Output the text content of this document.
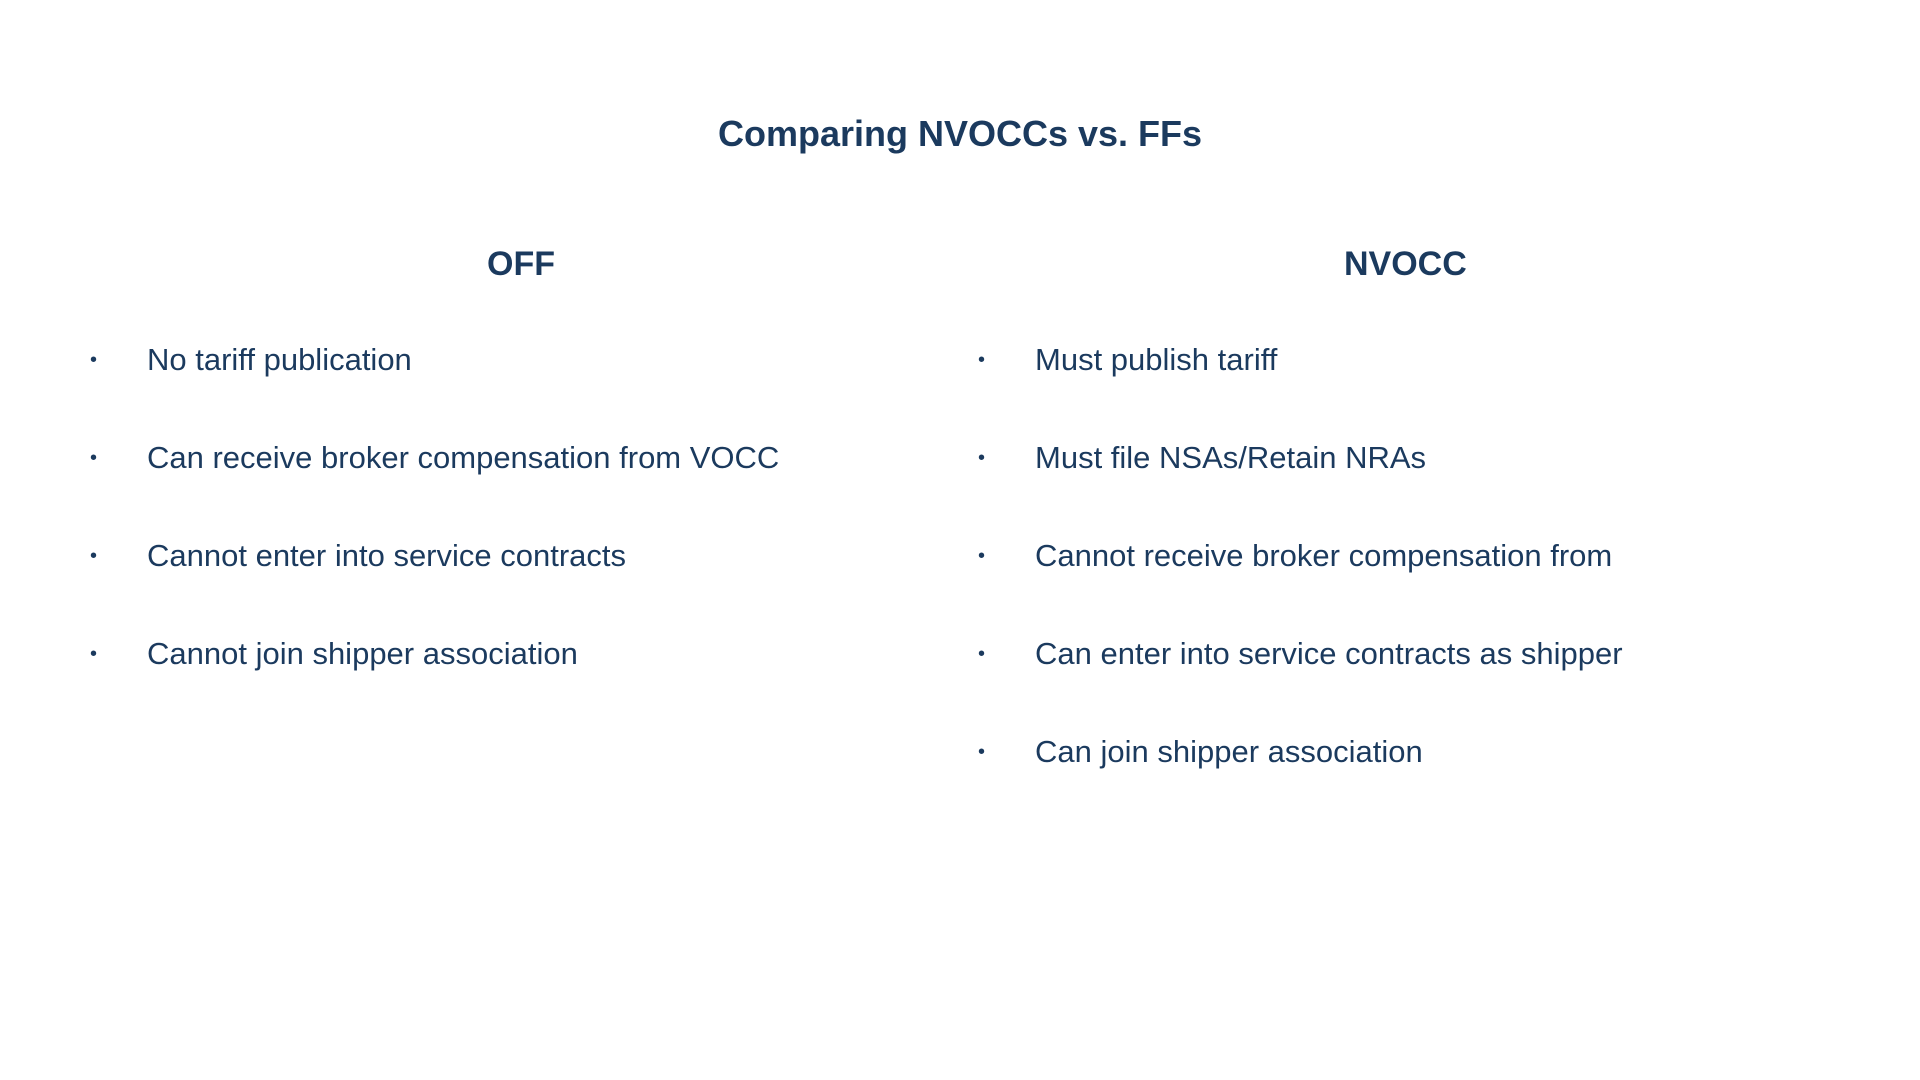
Comparing NVOCCs vs. FFs
OFF
•	No tariff publication
•	Can receive broker compensation from VOCC
•	Cannot enter into service contracts
•	Cannot join shipper association
NVOCC
•	Must publish tariff
•	Must file NSAs/Retain NRAs
•	Cannot receive broker compensation from
•	Can enter into service contracts as shipper
•	Can join shipper association
